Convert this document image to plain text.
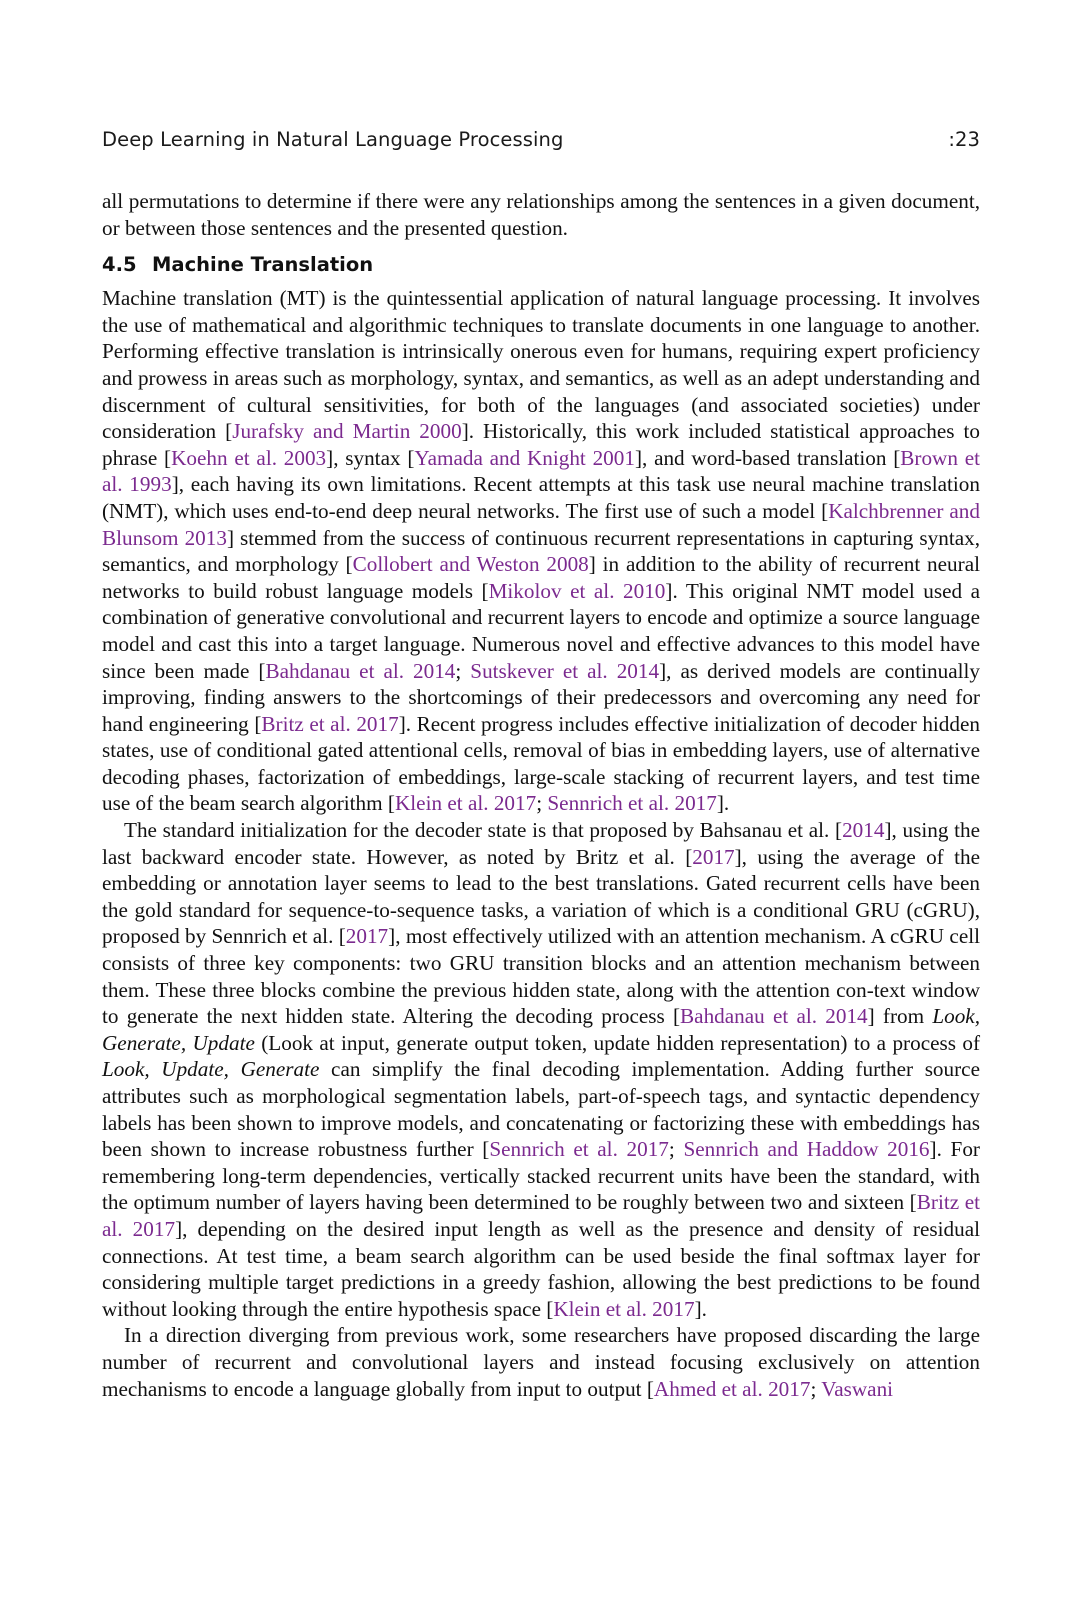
Deep Learning in Natural Language Processing	:23

all permutations to determine if there were any relationships among the sentences in a given document, or between those sentences and the presented question.

4.5 Machine Translation

Machine translation (MT) is the quintessential application of natural language processing. It involves the use of mathematical and algorithmic techniques to translate documents in one language to another. Performing effective translation is intrinsically onerous even for humans, requiring expert proficiency and prowess in areas such as morphology, syntax, and semantics, as well as an adept understanding and discernment of cultural sensitivities, for both of the languages (and associated societies) under consideration [Jurafsky and Martin 2000]. Historically, this work included statistical approaches to phrase [Koehn et al. 2003], syntax [Yamada and Knight 2001], and word-based translation [Brown et al. 1993], each having its own limitations. Recent attempts at this task use neural machine translation (NMT), which uses end-to-end deep neural networks. The first use of such a model [Kalchbrenner and Blunsom 2013] stemmed from the success of continuous recurrent representations in capturing syntax, semantics, and morphology [Collobert and Weston 2008] in addition to the ability of recurrent neural networks to build robust language models [Mikolov et al. 2010]. This original NMT model used a combination of generative convolutional and recurrent layers to encode and optimize a source language model and cast this into a target language. Numerous novel and effective advances to this model have since been made [Bahdanau et al. 2014; Sutskever et al. 2014], as derived models are continually improving, finding answers to the shortcomings of their predecessors and overcoming any need for hand engineering [Britz et al. 2017]. Recent progress includes effective initialization of decoder hidden states, use of conditional gated attentional cells, removal of bias in embedding layers, use of alternative decoding phases, factorization of embeddings, large-scale stacking of recurrent layers, and test time use of the beam search algorithm [Klein et al. 2017; Sennrich et al. 2017].

The standard initialization for the decoder state is that proposed by Bahsanau et al. [2014], using the last backward encoder state. However, as noted by Britz et al. [2017], using the average of the embedding or annotation layer seems to lead to the best translations. Gated recurrent cells have been the gold standard for sequence-to-sequence tasks, a variation of which is a conditional GRU (cGRU), proposed by Sennrich et al. [2017], most effectively utilized with an attention mechanism. A cGRU cell consists of three key components: two GRU transition blocks and an attention mechanism between them. These three blocks combine the previous hidden state, along with the attention con-text window to generate the next hidden state. Altering the decoding process [Bahdanau et al. 2014] from Look, Generate, Update (Look at input, generate output token, update hidden representation) to a process of Look, Update, Generate can simplify the final decoding implementation. Adding further source attributes such as morphological segmentation labels, part-of-speech tags, and syntactic dependency labels has been shown to improve models, and concatenating or factorizing these with embeddings has been shown to increase robustness further [Sennrich et al. 2017; Sennrich and Haddow 2016]. For remembering long-term dependencies, vertically stacked recurrent units have been the standard, with the optimum number of layers having been determined to be roughly between two and sixteen [Britz et al. 2017], depending on the desired input length as well as the presence and density of residual connections. At test time, a beam search algorithm can be used beside the final softmax layer for considering multiple target predictions in a greedy fashion, allowing the best predictions to be found without looking through the entire hypothesis space [Klein et al. 2017].

In a direction diverging from previous work, some researchers have proposed discarding the large number of recurrent and convolutional layers and instead focusing exclusively on attention mechanisms to encode a language globally from input to output [Ahmed et al. 2017; Vaswani
